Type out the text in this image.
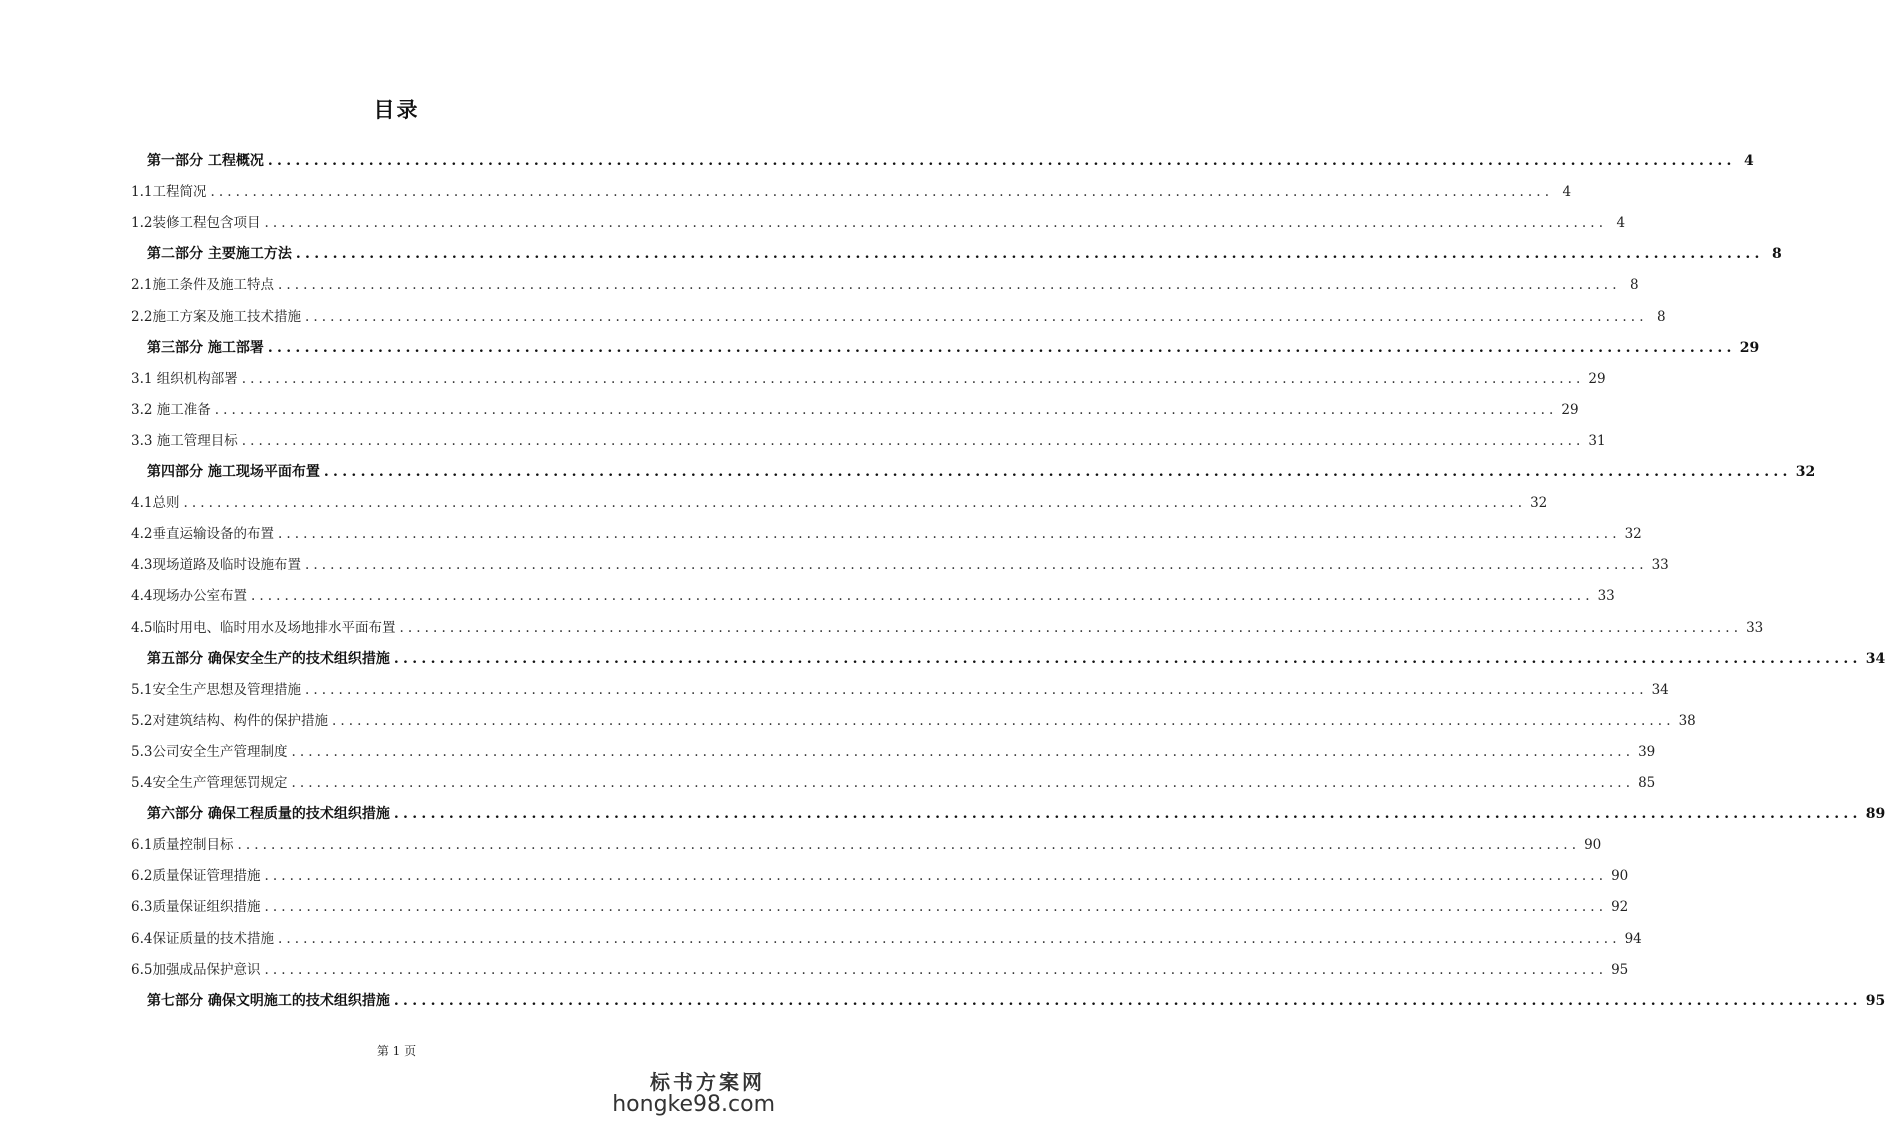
目录
第一部分 工程概况 ................................................................................................................................................................ 4
1.1工程简况 ................................................................................................................................................................ 4
1.2装修工程包含项目 ................................................................................................................................................................ 4
第二部分 主要施工方法 ................................................................................................................................................................ 8
2.1施工条件及施工特点 ................................................................................................................................................................ 8
2.2施工方案及施工技术措施 ................................................................................................................................................................ 8
第三部分 施工部署 ................................................................................................................................................................ 29
3.1 组织机构部署 ................................................................................................................................................................ 29
3.2 施工准备 ................................................................................................................................................................ 29
3.3 施工管理目标 ................................................................................................................................................................ 31
第四部分 施工现场平面布置 ................................................................................................................................................................ 32
4.1总则 ................................................................................................................................................................ 32
4.2垂直运输设备的布置 ................................................................................................................................................................ 32
4.3现场道路及临时设施布置 ................................................................................................................................................................ 33
4.4现场办公室布置 ................................................................................................................................................................ 33
4.5临时用电、临时用水及场地排水平面布置 ................................................................................................................................................................ 33
第五部分 确保安全生产的技术组织措施 ................................................................................................................................................................ 34
5.1安全生产思想及管理措施 ................................................................................................................................................................ 34
5.2对建筑结构、构件的保护措施 ................................................................................................................................................................ 38
5.3公司安全生产管理制度 ................................................................................................................................................................ 39
5.4安全生产管理惩罚规定 ................................................................................................................................................................ 85
第六部分 确保工程质量的技术组织措施 ................................................................................................................................................................ 89
6.1质量控制目标 ................................................................................................................................................................ 90
6.2质量保证管理措施 ................................................................................................................................................................ 90
6.3质量保证组织措施 ................................................................................................................................................................ 92
6.4保证质量的技术措施 ................................................................................................................................................................ 94
6.5加强成品保护意识 ................................................................................................................................................................ 95
第七部分 确保文明施工的技术组织措施 ................................................................................................................................................................ 95
第 1 页
标书方案网
hongke98.com
